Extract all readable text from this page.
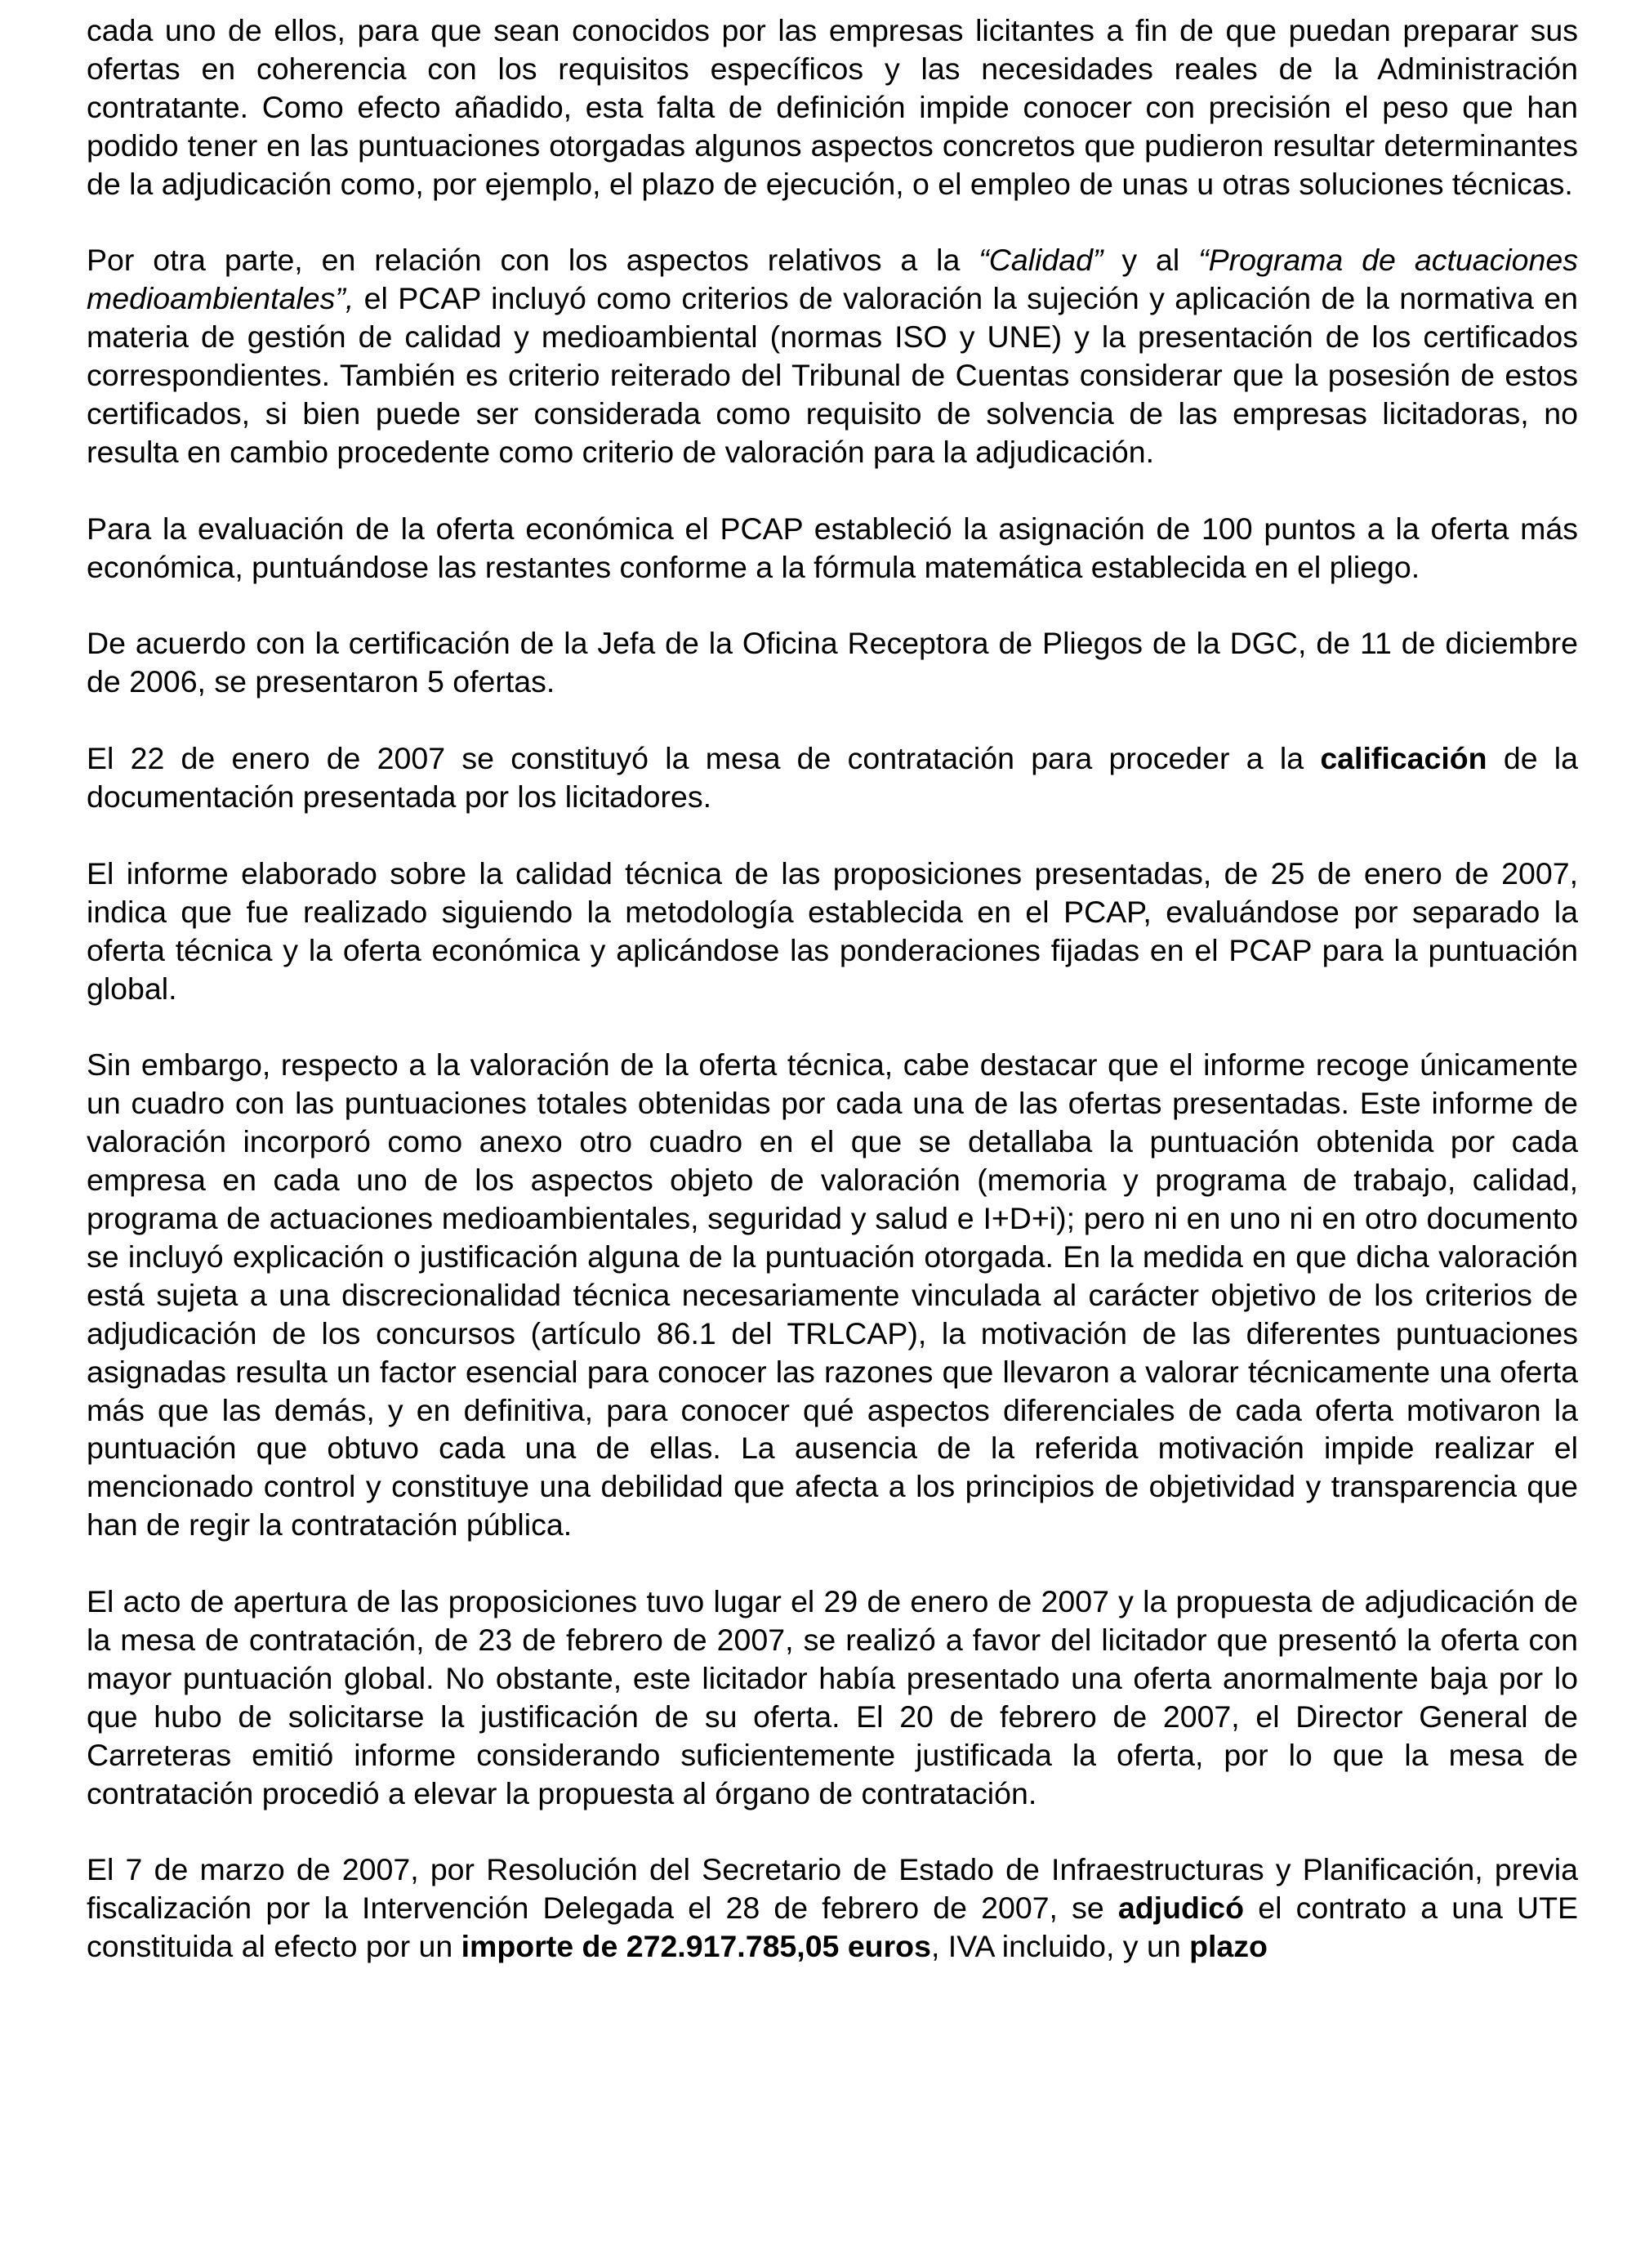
cada uno de ellos, para que sean conocidos por las empresas licitantes a fin de que puedan preparar sus ofertas en coherencia con los requisitos específicos y las necesidades reales de la Administración contratante. Como efecto añadido, esta falta de definición impide conocer con precisión el peso que han podido tener en las puntuaciones otorgadas algunos aspectos concretos que pudieron resultar determinantes de la adjudicación como, por ejemplo, el plazo de ejecución, o el empleo de unas u otras soluciones técnicas.

Por otra parte, en relación con los aspectos relativos a la “Calidad” y al “Programa de actuaciones medioambientales”, el PCAP incluyó como criterios de valoración la sujeción y aplicación de la normativa en materia de gestión de calidad y medioambiental (normas ISO y UNE) y la presentación de los certificados correspondientes. También es criterio reiterado del Tribunal de Cuentas considerar que la posesión de estos certificados, si bien puede ser considerada como requisito de solvencia de las empresas licitadoras, no resulta en cambio procedente como criterio de valoración para la adjudicación.

Para la evaluación de la oferta económica el PCAP estableció la asignación de 100 puntos a la oferta más económica, puntuándose las restantes conforme a la fórmula matemática establecida en el pliego.

De acuerdo con la certificación de la Jefa de la Oficina Receptora de Pliegos de la DGC, de 11 de diciembre de 2006, se presentaron 5 ofertas.

El 22 de enero de 2007 se constituyó la mesa de contratación para proceder a la calificación de la documentación presentada por los licitadores.

El informe elaborado sobre la calidad técnica de las proposiciones presentadas, de 25 de enero de 2007, indica que fue realizado siguiendo la metodología establecida en el PCAP, evaluándose por separado la oferta técnica y la oferta económica y aplicándose las ponderaciones fijadas en el PCAP para la puntuación global.

Sin embargo, respecto a la valoración de la oferta técnica, cabe destacar que el informe recoge únicamente un cuadro con las puntuaciones totales obtenidas por cada una de las ofertas presentadas. Este informe de valoración incorporó como anexo otro cuadro en el que se detallaba la puntuación obtenida por cada empresa en cada uno de los aspectos objeto de valoración (memoria y programa de trabajo, calidad, programa de actuaciones medioambientales, seguridad y salud e I+D+i); pero ni en uno ni en otro documento se incluyó explicación o justificación alguna de la puntuación otorgada. En la medida en que dicha valoración está sujeta a una discrecionalidad técnica necesariamente vinculada al carácter objetivo de los criterios de adjudicación de los concursos (artículo 86.1 del TRLCAP), la motivación de las diferentes puntuaciones asignadas resulta un factor esencial para conocer las razones que llevaron a valorar técnicamente una oferta más que las demás, y en definitiva, para conocer qué aspectos diferenciales de cada oferta motivaron la puntuación que obtuvo cada una de ellas. La ausencia de la referida motivación impide realizar el mencionado control y constituye una debilidad que afecta a los principios de objetividad y transparencia que han de regir la contratación pública.

El acto de apertura de las proposiciones tuvo lugar el 29 de enero de 2007 y la propuesta de adjudicación de la mesa de contratación, de 23 de febrero de 2007, se realizó a favor del licitador que presentó la oferta con mayor puntuación global. No obstante, este licitador había presentado una oferta anormalmente baja por lo que hubo de solicitarse la justificación de su oferta. El 20 de febrero de 2007, el Director General de Carreteras emitió informe considerando suficientemente justificada la oferta, por lo que la mesa de contratación procedió a elevar la propuesta al órgano de contratación.

El 7 de marzo de 2007, por Resolución del Secretario de Estado de Infraestructuras y Planificación, previa fiscalización por la Intervención Delegada el 28 de febrero de 2007, se adjudicó el contrato a una UTE constituida al efecto por un importe de 272.917.785,05 euros, IVA incluido, y un plazo
